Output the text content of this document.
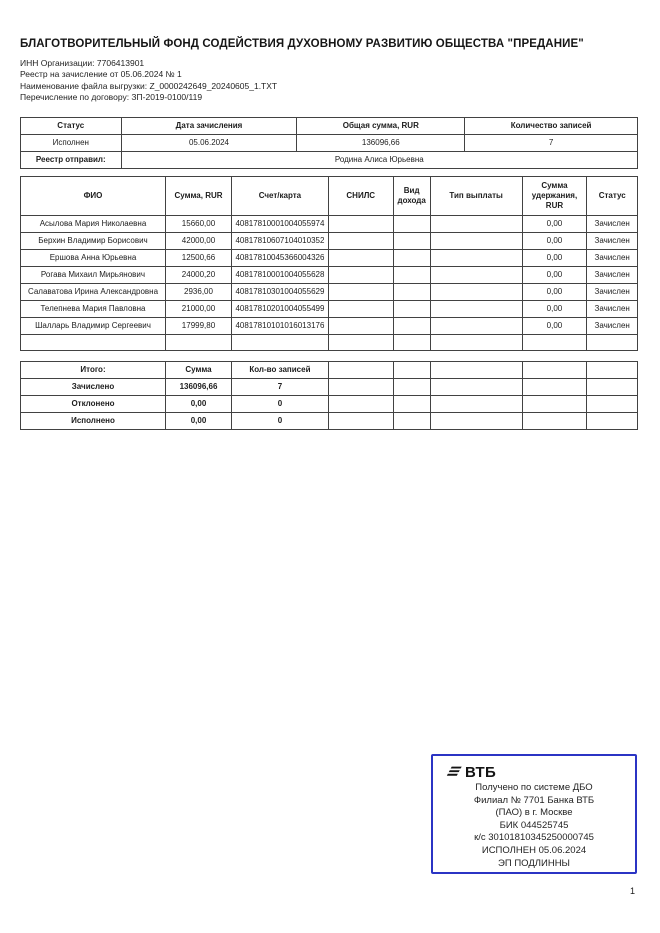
БЛАГОТВОРИТЕЛЬНЫЙ ФОНД СОДЕЙСТВИЯ ДУХОВНОМУ РАЗВИТИЮ ОБЩЕСТВА "ПРЕДАНИЕ"
ИНН Организации: 7706413901
Реестр на зачисление от 05.06.2024 № 1
Наименование файла выгрузки: Z_0000242649_20240605_1.TXT
Перечисление по договору: ЗП-2019-0100/119
Статус	Дата зачисления	Общая сумма, RUR	Количество записей
Исполнен	05.06.2024	136096,66	7
Реестр отправил:	Родина Алиса Юрьевна		
ФИО	Сумма, RUR	Счет/карта	СНИЛС	Вид дохода	Тип выплаты	Сумма удержания, RUR	Статус
Асылова Мария Николаевна	15660,00	40817810001004055974				0,00	Зачислен
Берхин Владимир Борисович	42000,00	40817810607104010352				0,00	Зачислен
Ершова Анна Юрьевна	12500,66	40817810045366004326				0,00	Зачислен
Рогава Михаил Мирьянович	24000,20	40817810001004055628				0,00	Зачислен
Салаватова Ирина Александровна	2936,00	40817810301004055629				0,00	Зачислен
Телепнева Мария Павловна	21000,00	40817810201004055499				0,00	Зачислен
Шалларь Владимир Сергеевич	17999,80	40817810101016013176				0,00	Зачислен

Итого:	Сумма	Кол-во записей					
Зачислено	136096,66	7					
Отклонено	0,00	0					
Исполнено	0,00	0					
ВТБ
Получено по системе ДБО
Филиал № 7701 Банка ВТБ
(ПАО) в г. Москве
БИК 044525745
к/с 30101810345250000745
ИСПОЛНЕН 05.06.2024
ЭП ПОДЛИННЫ
1
